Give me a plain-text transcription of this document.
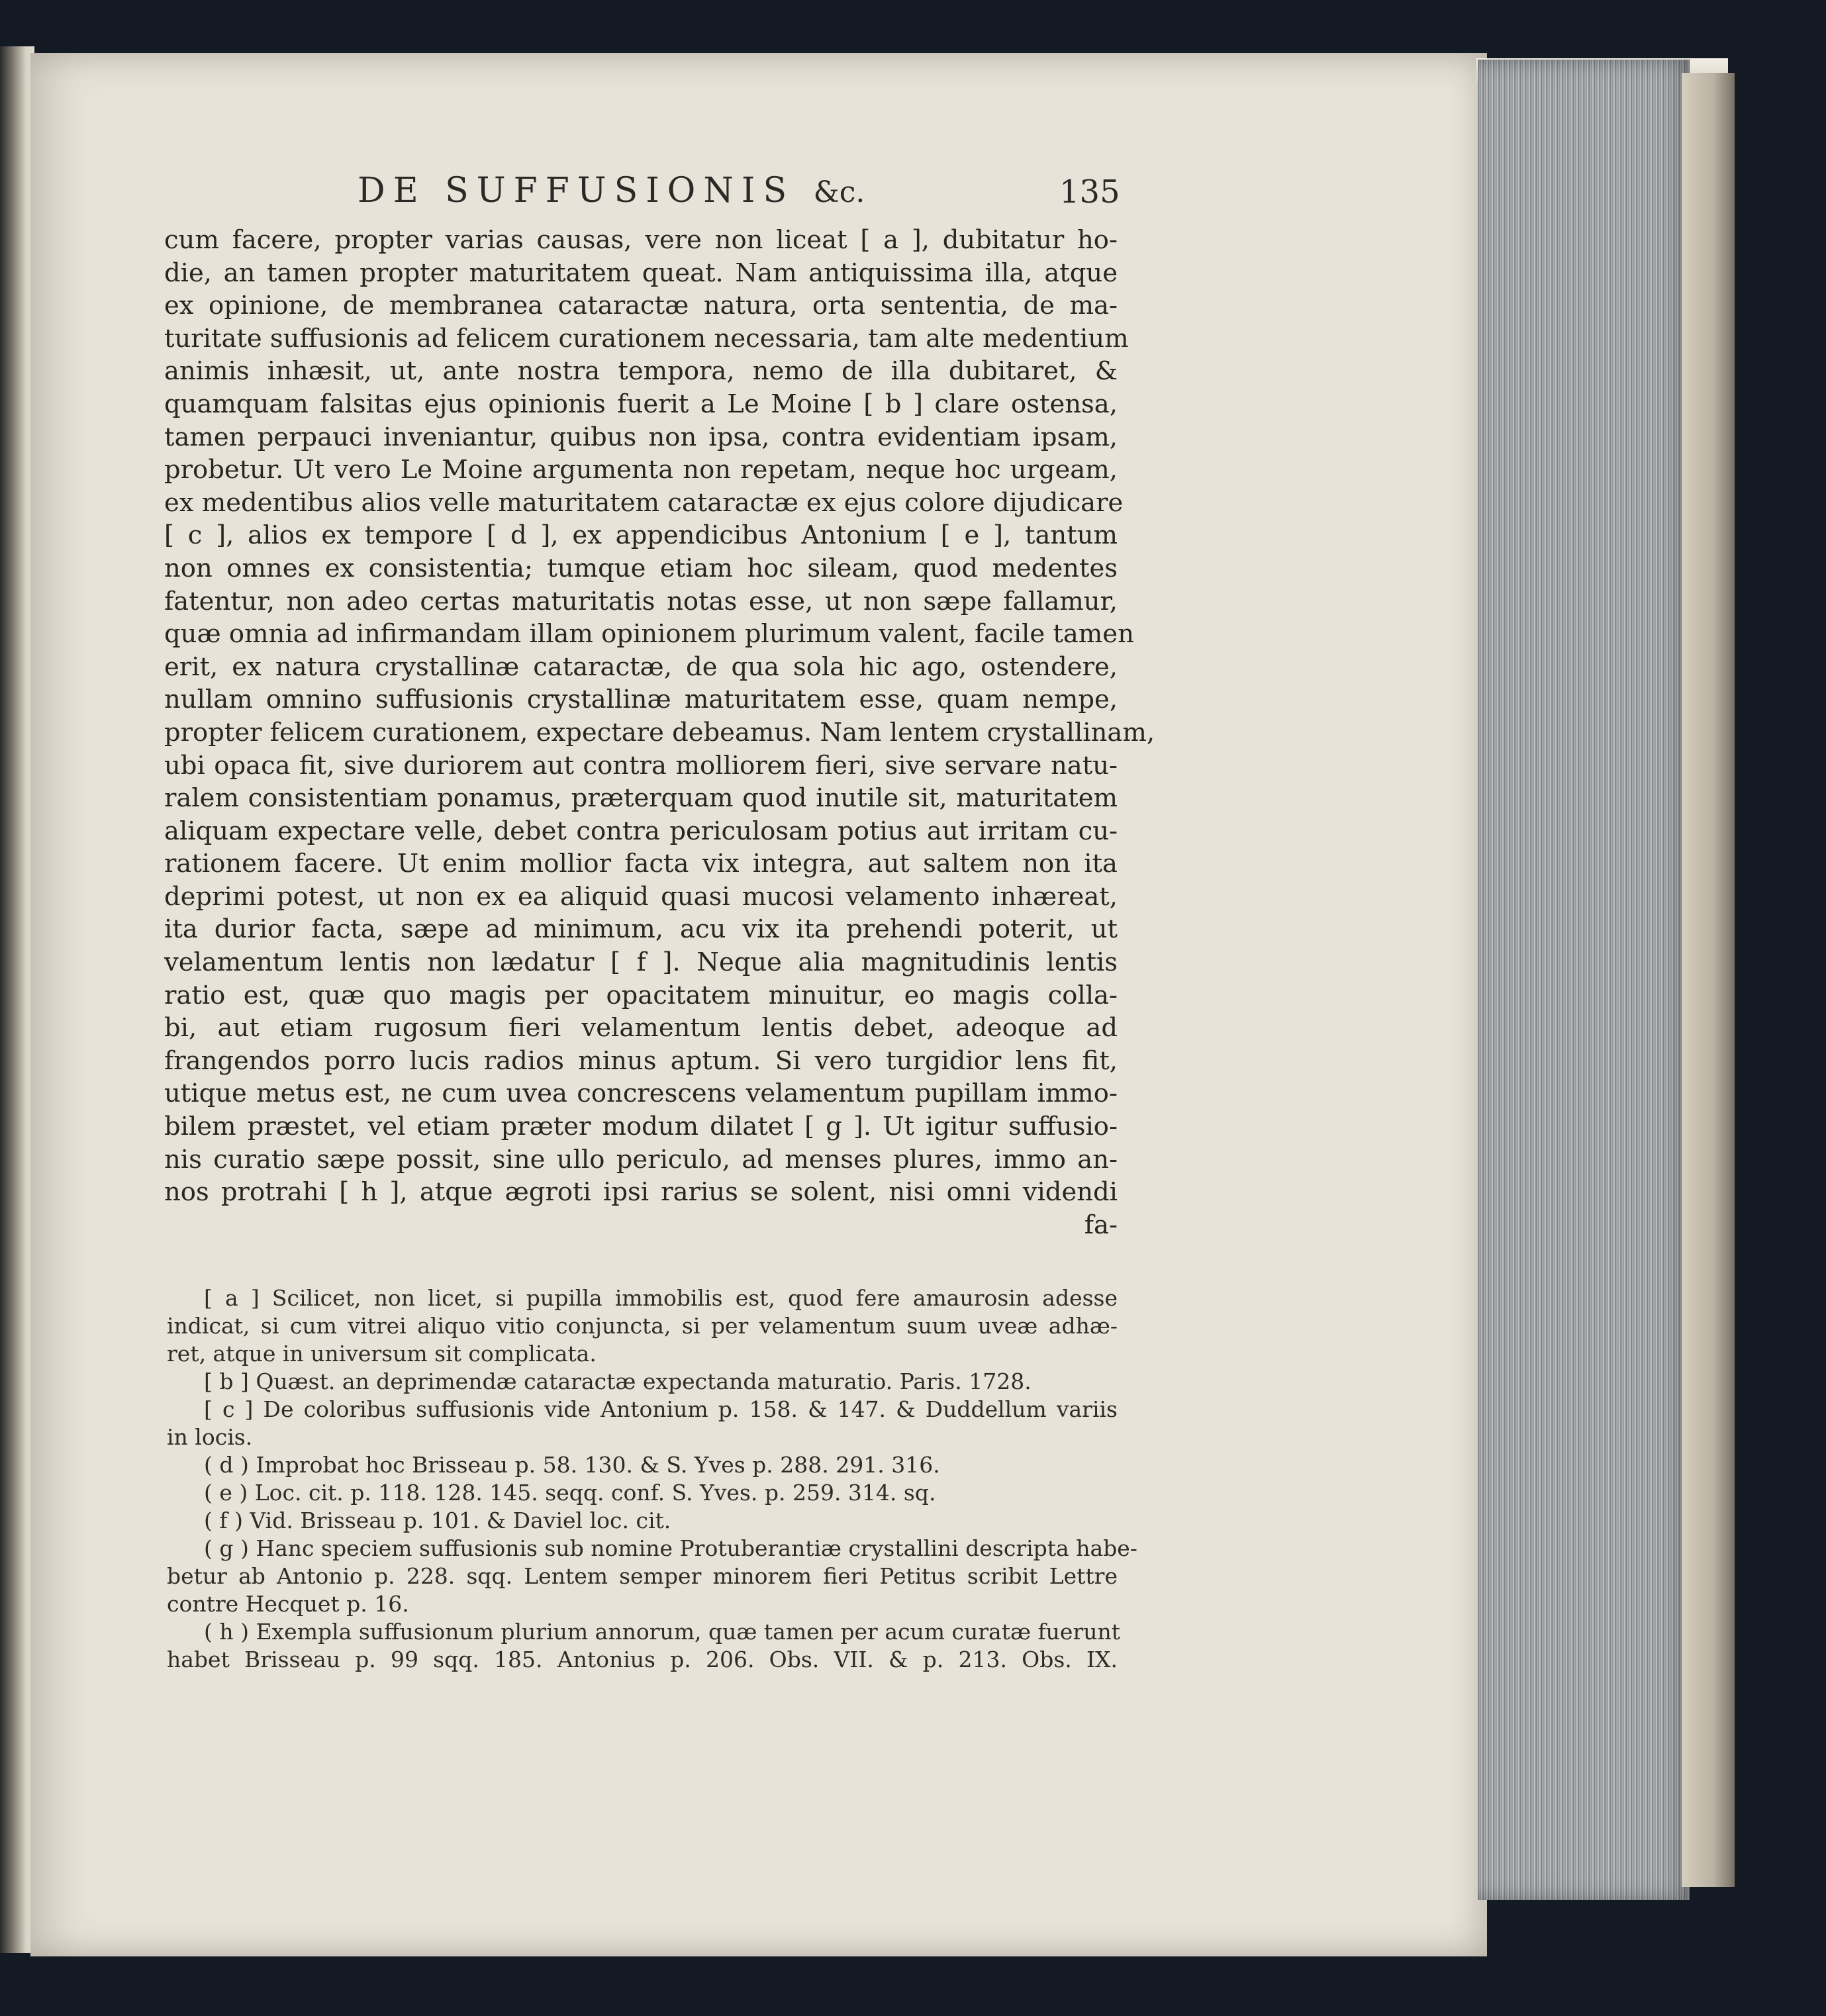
DE SUFFUSIONIS &c.	135
cum facere, propter varias causas, vere non liceat [ a ], dubitatur ho-
die, an tamen propter maturitatem queat. Nam antiquissima illa, atque
ex opinione, de membranea cataractæ natura, orta sententia, de ma-
turitate suffusionis ad felicem curationem necessaria, tam alte medentium
animis inhæsit, ut, ante nostra tempora, nemo de illa dubitaret, &
quamquam falsitas ejus opinionis fuerit a Le Moine [ b ] clare ostensa,
tamen perpauci inveniantur, quibus non ipsa, contra evidentiam ipsam,
probetur. Ut vero Le Moine argumenta non repetam, neque hoc urgeam,
ex medentibus alios velle maturitatem cataractæ ex ejus colore dijudicare
[ c ], alios ex tempore [ d ], ex appendicibus Antonium [ e ], tantum
non omnes ex consistentia; tumque etiam hoc sileam, quod medentes
fatentur, non adeo certas maturitatis notas esse, ut non sæpe fallamur,
quæ omnia ad infirmandam illam opinionem plurimum valent, facile tamen
erit, ex natura crystallinæ cataractæ, de qua sola hic ago, ostendere,
nullam omnino suffusionis crystallinæ maturitatem esse, quam nempe,
propter felicem curationem, expectare debeamus. Nam lentem crystallinam,
ubi opaca fit, sive duriorem aut contra molliorem fieri, sive servare natu-
ralem consistentiam ponamus, præterquam quod inutile sit, maturitatem
aliquam expectare velle, debet contra periculosam potius aut irritam cu-
rationem facere. Ut enim mollior facta vix integra, aut saltem non ita
deprimi potest, ut non ex ea aliquid quasi mucosi velamento inhæreat,
ita durior facta, sæpe ad minimum, acu vix ita prehendi poterit, ut
velamentum lentis non lædatur [ f ]. Neque alia magnitudinis lentis
ratio est, quæ quo magis per opacitatem minuitur, eo magis colla-
bi, aut etiam rugosum fieri velamentum lentis debet, adeoque ad
frangendos porro lucis radios minus aptum. Si vero turgidior lens fit,
utique metus est, ne cum uvea concrescens velamentum pupillam immo-
bilem præstet, vel etiam præter modum dilatet [ g ]. Ut igitur suffusio-
nis curatio sæpe possit, sine ullo periculo, ad menses plures, immo an-
nos protrahi [ h ], atque ægroti ipsi rarius se solent, nisi omni videndi
fa-
[ a ] Scilicet, non licet, si pupilla immobilis est, quod fere amaurosin adesse
indicat, si cum vitrei aliquo vitio conjuncta, si per velamentum suum uveæ adhæ-
ret, atque in universum sit complicata.
[ b ] Quæst. an deprimendæ cataractæ expectanda maturatio. Paris. 1728.
[ c ] De coloribus suffusionis vide Antonium p. 158. & 147. & Duddellum variis
in locis.
( d ) Improbat hoc Brisseau p. 58. 130. & S. Yves p. 288. 291. 316.
( e ) Loc. cit. p. 118. 128. 145. seqq. conf. S. Yves. p. 259. 314. sq.
( f ) Vid. Brisseau p. 101. & Daviel loc. cit.
( g ) Hanc speciem suffusionis sub nomine Protuberantiæ crystallini descripta habe-
betur ab Antonio p. 228. sqq. Lentem semper minorem fieri Petitus scribit Lettre
contre Hecquet p. 16.
( h ) Exempla suffusionum plurium annorum, quæ tamen per acum curatæ fuerunt
habet Brisseau p. 99 sqq. 185. Antonius p. 206. Obs. VII. & p. 213. Obs. IX.
